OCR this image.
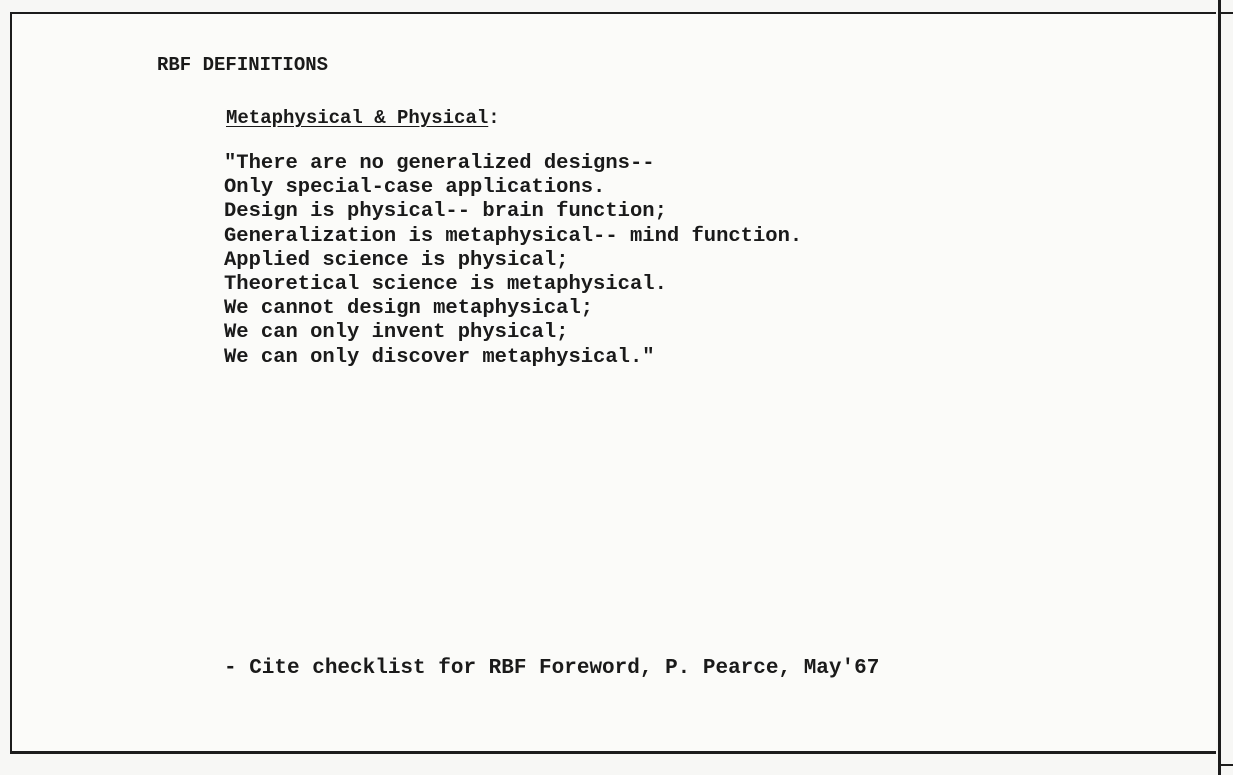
RBF DEFINITIONS
Metaphysical & Physical:
"There are no generalized designs--
Only special-case applications.
Design is physical-- brain function;
Generalization is metaphysical-- mind function.
Applied science is physical;
Theoretical science is metaphysical.
We cannot design metaphysical;
We can only invent physical;
We can only discover metaphysical."
- Cite checklist for RBF Foreword, P. Pearce, May'67
